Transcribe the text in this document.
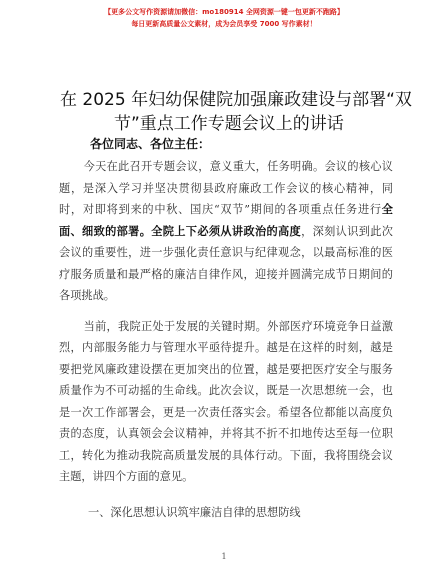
【更多公文写作资源请加微信：mo180914 全网资源一键一包更新不跑路】
每日更新高质量公文素材，成为会员享受 7000 写作素材！
在 2025 年妇幼保健院加强廉政建设与部署“双
节”重点工作专题会议上的讲话
各位同志、各位主任：

今天在此召开专题会议，意义重大，任务明确。会议的核心议题，是深入学习并坚决贯彻县政府廉政工作会议的核心精神，同时，对即将到来的中秋、国庆“双节”期间的各项重点任务进行全面、细致的部署。全院上下必须从讲政治的高度，深刻认识到此次会议的重要性，进一步强化责任意识与纪律观念，以最高标准的医疗服务质量和最严格的廉洁自律作风，迎接并圆满完成节日期间的各项挑战。

当前，我院正处于发展的关键时期。外部医疗环境竞争日益激烈，内部服务能力与管理水平亟待提升。越是在这样的时刻，越是要把党风廉政建设摆在更加突出的位置，越是要把医疗安全与服务质量作为不可动摇的生命线。此次会议，既是一次思想统一会，也是一次工作部署会，更是一次责任落实会。希望各位都能以高度负责的态度，认真领会会议精神，并将其不折不扣地传达至每一位职工，转化为推动我院高质量发展的具体行动。下面，我将围绕会议主题，讲四个方面的意见。

一、深化思想认识筑牢廉洁自律的思想防线
1
